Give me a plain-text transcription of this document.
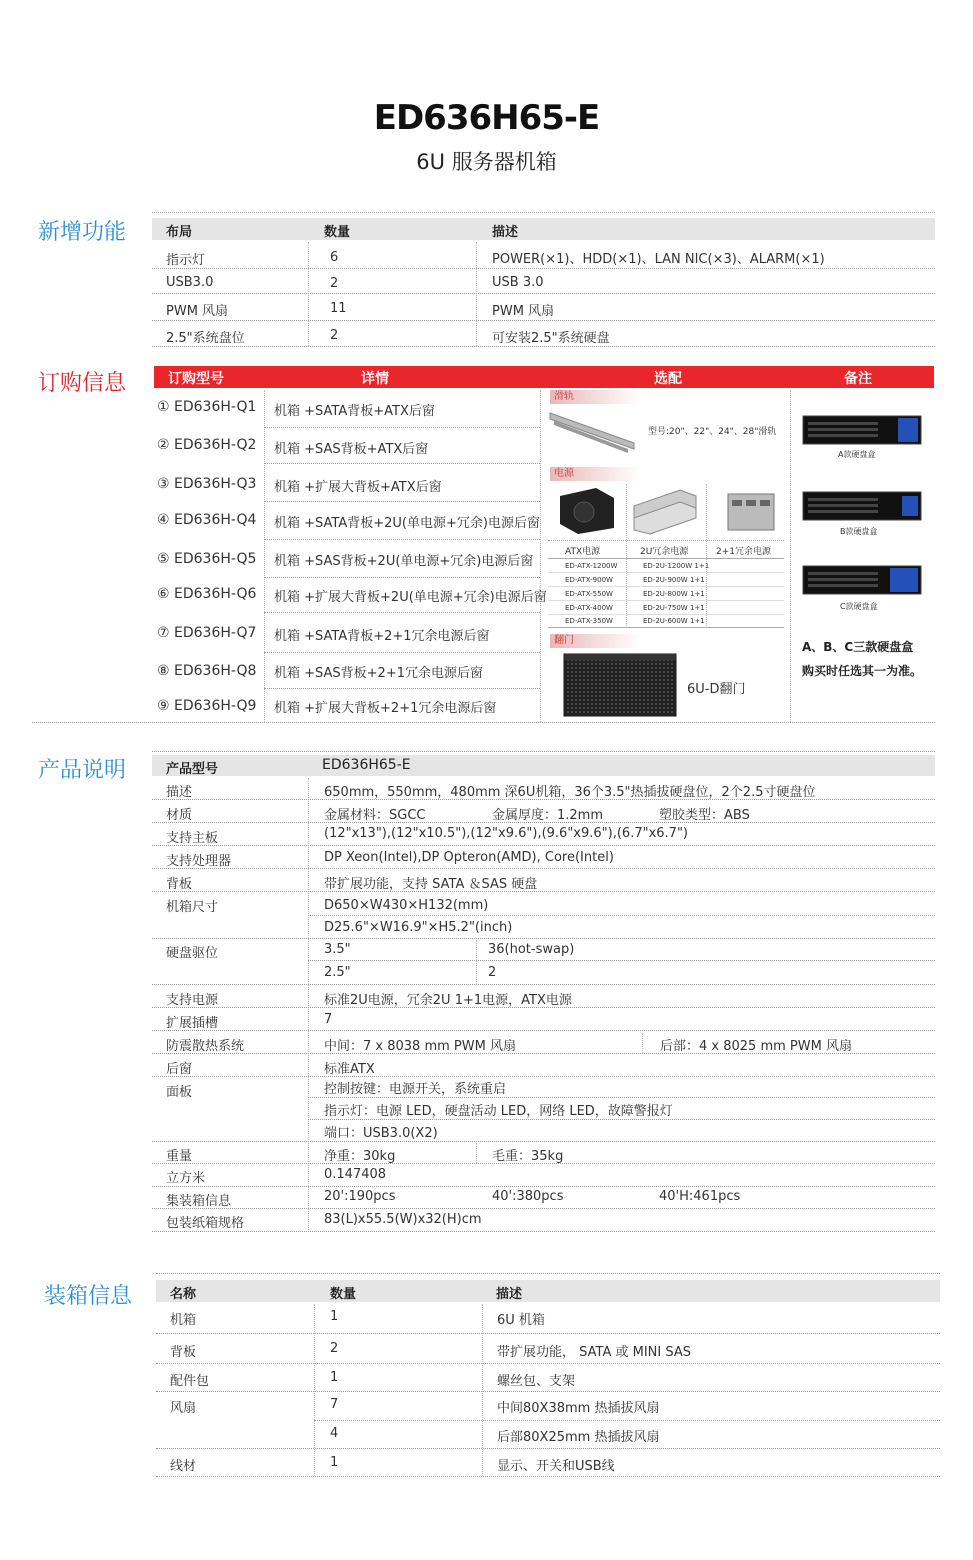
ED636H65-E
6U 服务器机箱
新增功能	布局	数量	描述
指示灯	6	POWER(×1)、HDD(×1)、LAN NIC(×3)、ALARM(×1)
USB3.0	2	USB 3.0
PWM 风扇	11	PWM 风扇
2.5"系统盘位	2	可安装2.5"系统硬盘
订购信息	订购型号	详情	选配	备注
① ED636H-Q1 机箱 +SATA背板+ATX后窗
② ED636H-Q2 机箱 +SAS背板+ATX后窗
③ ED636H-Q3 机箱 +扩展大背板+ATX后窗
④ ED636H-Q4 机箱 +SATA背板+2U(单电源+冗余)电源后窗
⑤ ED636H-Q5 机箱 +SAS背板+2U(单电源+冗余)电源后窗
⑥ ED636H-Q6 机箱 +扩展大背板+2U(单电源+冗余)电源后窗
⑦ ED636H-Q7 机箱 +SATA背板+2+1冗余电源后窗
⑧ ED636H-Q8 机箱 +SAS背板+2+1冗余电源后窗
⑨ ED636H-Q9 机箱 +扩展大背板+2+1冗余电源后窗
滑轨
型号:20"、22"、24"、28"滑轨
电源
ATX电源	2U冗余电源	2+1冗余电源
ED-ATX-1200W	ED-2U-1200W 1+1
ED-ATX-900W	ED-2U-900W 1+1
ED-ATX-550W	ED-2U-800W 1+1
ED-ATX-400W	ED-2U-750W 1+1
ED-ATX-350W	ED-2U-600W 1+1
翻门
6U-D翻门
A款硬盘盒
B款硬盘盒
C款硬盘盒
A、B、C三款硬盘盒
购买时任选其一为准。
产品说明	产品型号	ED636H65-E
描述	650mm，550mm，480mm 深6U机箱，36个3.5"热插拔硬盘位，2个2.5寸硬盘位
材质	金属材料：SGCC	金属厚度：1.2mm	塑胶类型：ABS
支持主板	(12"x13"),(12"x10.5"),(12"x9.6"),(9.6"x9.6"),(6.7"x6.7")
支持处理器	DP Xeon(Intel),DP Opteron(AMD), Core(Intel)
背板	带扩展功能，支持 SATA ＆SAS 硬盘
机箱尺寸	D650×W430×H132(mm)
D25.6"×W16.9"×H5.2"(inch)
硬盘驱位	3.5"	36(hot-swap)
2.5"	2
支持电源	标准2U电源，冗余2U 1+1电源，ATX电源
扩展插槽	7
防震散热系统	中间：7 x 8038 mm PWM 风扇	后部：4 x 8025 mm PWM 风扇
后窗	标准ATX
面板	控制按键：电源开关，系统重启
指示灯：电源 LED，硬盘活动 LED，网络 LED，故障警报灯
端口：USB3.0(X2)
重量	净重：30kg	毛重：35kg
立方米	0.147408
集装箱信息	20':190pcs	40':380pcs	40'H:461pcs
包装纸箱规格	83(L)x55.5(W)x32(H)cm
装箱信息	名称	数量	描述
机箱	1	6U 机箱
背板	2	带扩展功能， SATA 或 MINI SAS
配件包	1	螺丝包、支架
风扇	7	中间80X38mm 热插拔风扇
4	后部80X25mm 热插拔风扇
线材	1	显示、开关和USB线
